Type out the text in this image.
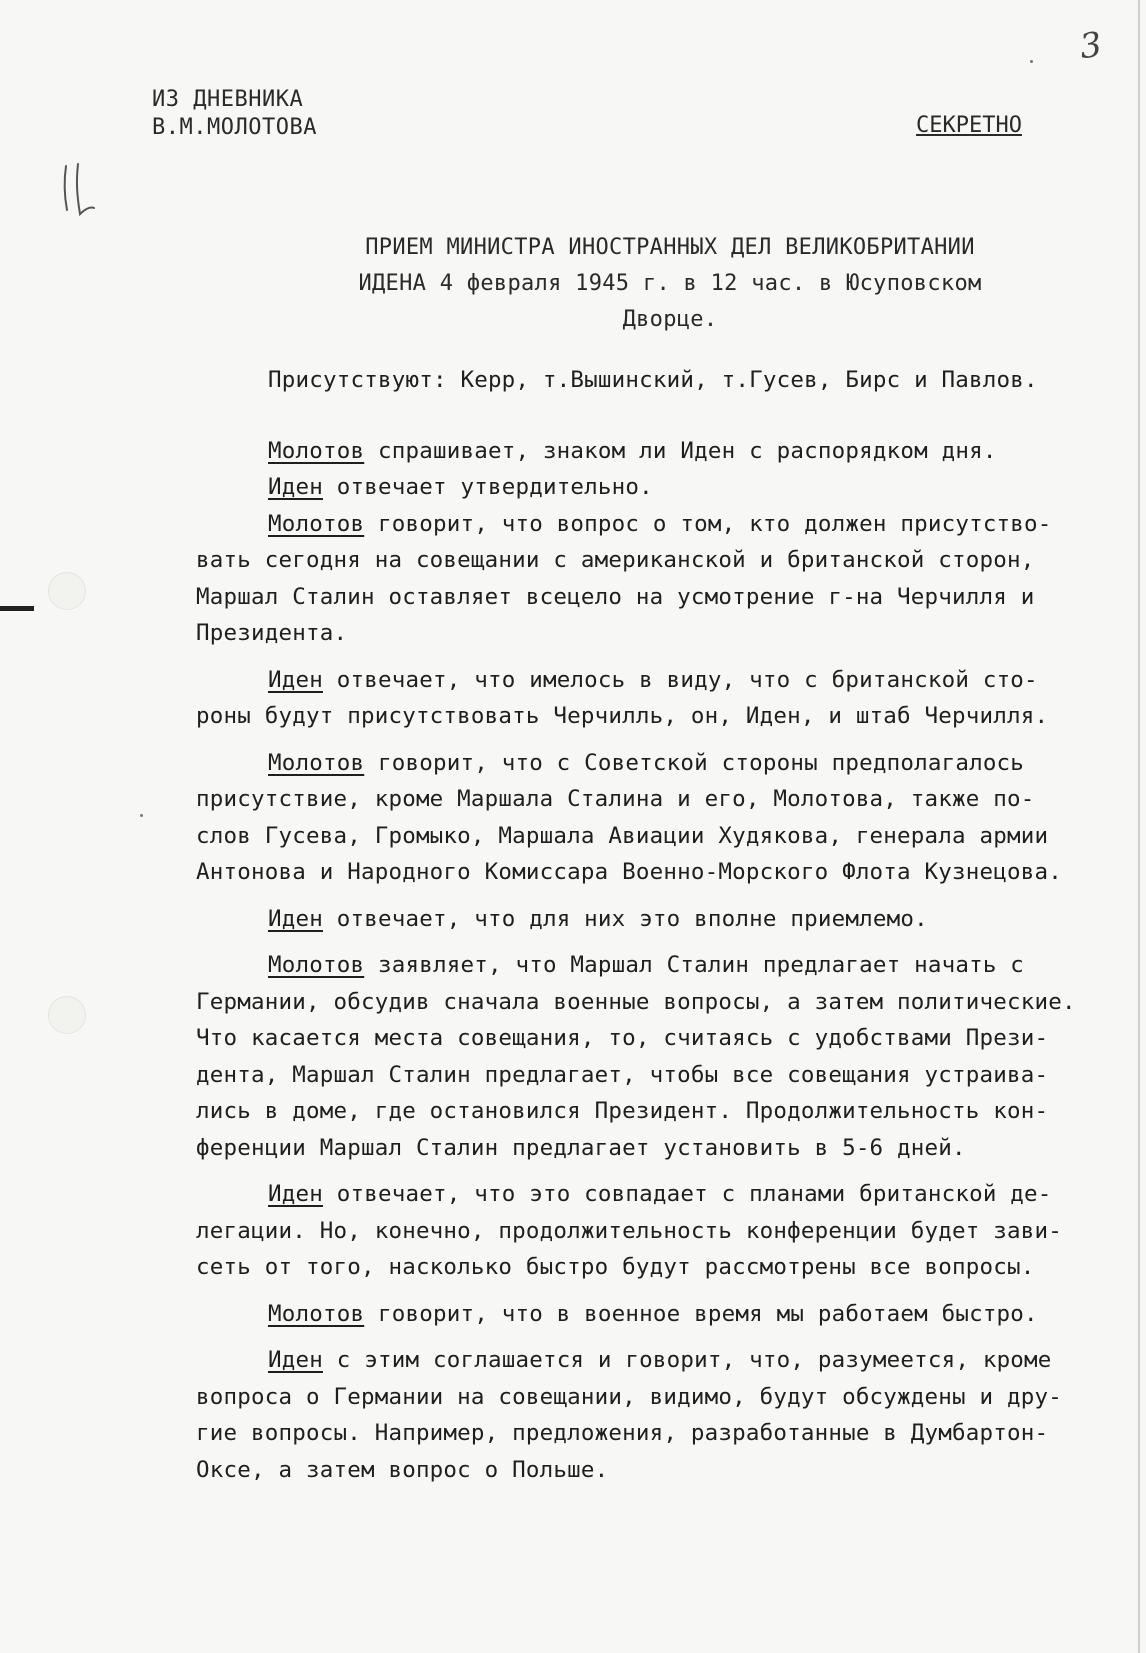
3
ИЗ ДНЕВНИКА
В.М.МОЛОТОВА	СЕКРЕТНО
ПРИЕМ МИНИСТРА ИНОСТРАННЫХ ДЕЛ ВЕЛИКОБРИТАНИИ
ИДЕНА 4 февраля 1945 г. в 12 час. в Юсуповском
Дворце.
Присутствуют: Керр, т.Вышинский, т.Гусев, Бирс и Павлов.
Молотов спрашивает, знаком ли Иден с распорядком дня.
Иден отвечает утвердительно.
Молотов говорит, что вопрос о том, кто должен присутство-
вать сегодня на совещании с американской и британской сторон,
Маршал Сталин оставляет всецело на усмотрение г-на Черчилля и
Президента.
Иден отвечает, что имелось в виду, что с британской сто-
роны будут присутствовать Черчилль, он, Иден, и штаб Черчилля.
Молотов говорит, что с Советской стороны предполагалось
присутствие, кроме Маршала Сталина и его, Молотова, также по-
слов Гусева, Громыко, Маршала Авиации Худякова, генерала армии
Антонова и Народного Комиссара Военно-Морского Флота Кузнецова.
Иден отвечает, что для них это вполне приемлемо.
Молотов заявляет, что Маршал Сталин предлагает начать с
Германии, обсудив сначала военные вопросы, а затем политические.
Что касается места совещания, то, считаясь с удобствами Прези-
дента, Маршал Сталин предлагает, чтобы все совещания устраива-
лись в доме, где остановился Президент. Продолжительность кон-
ференции Маршал Сталин предлагает установить в 5-6 дней.
Иден отвечает, что это совпадает с планами британской де-
легации. Но, конечно, продолжительность конференции будет зави-
сеть от того, насколько быстро будут рассмотрены все вопросы.
Молотов говорит, что в военное время мы работаем быстро.
Иден с этим соглашается и говорит, что, разумеется, кроме
вопроса о Германии на совещании, видимо, будут обсуждены и дру-
гие вопросы. Например, предложения, разработанные в Думбартон-
Оксе, а затем вопрос о Польше.
